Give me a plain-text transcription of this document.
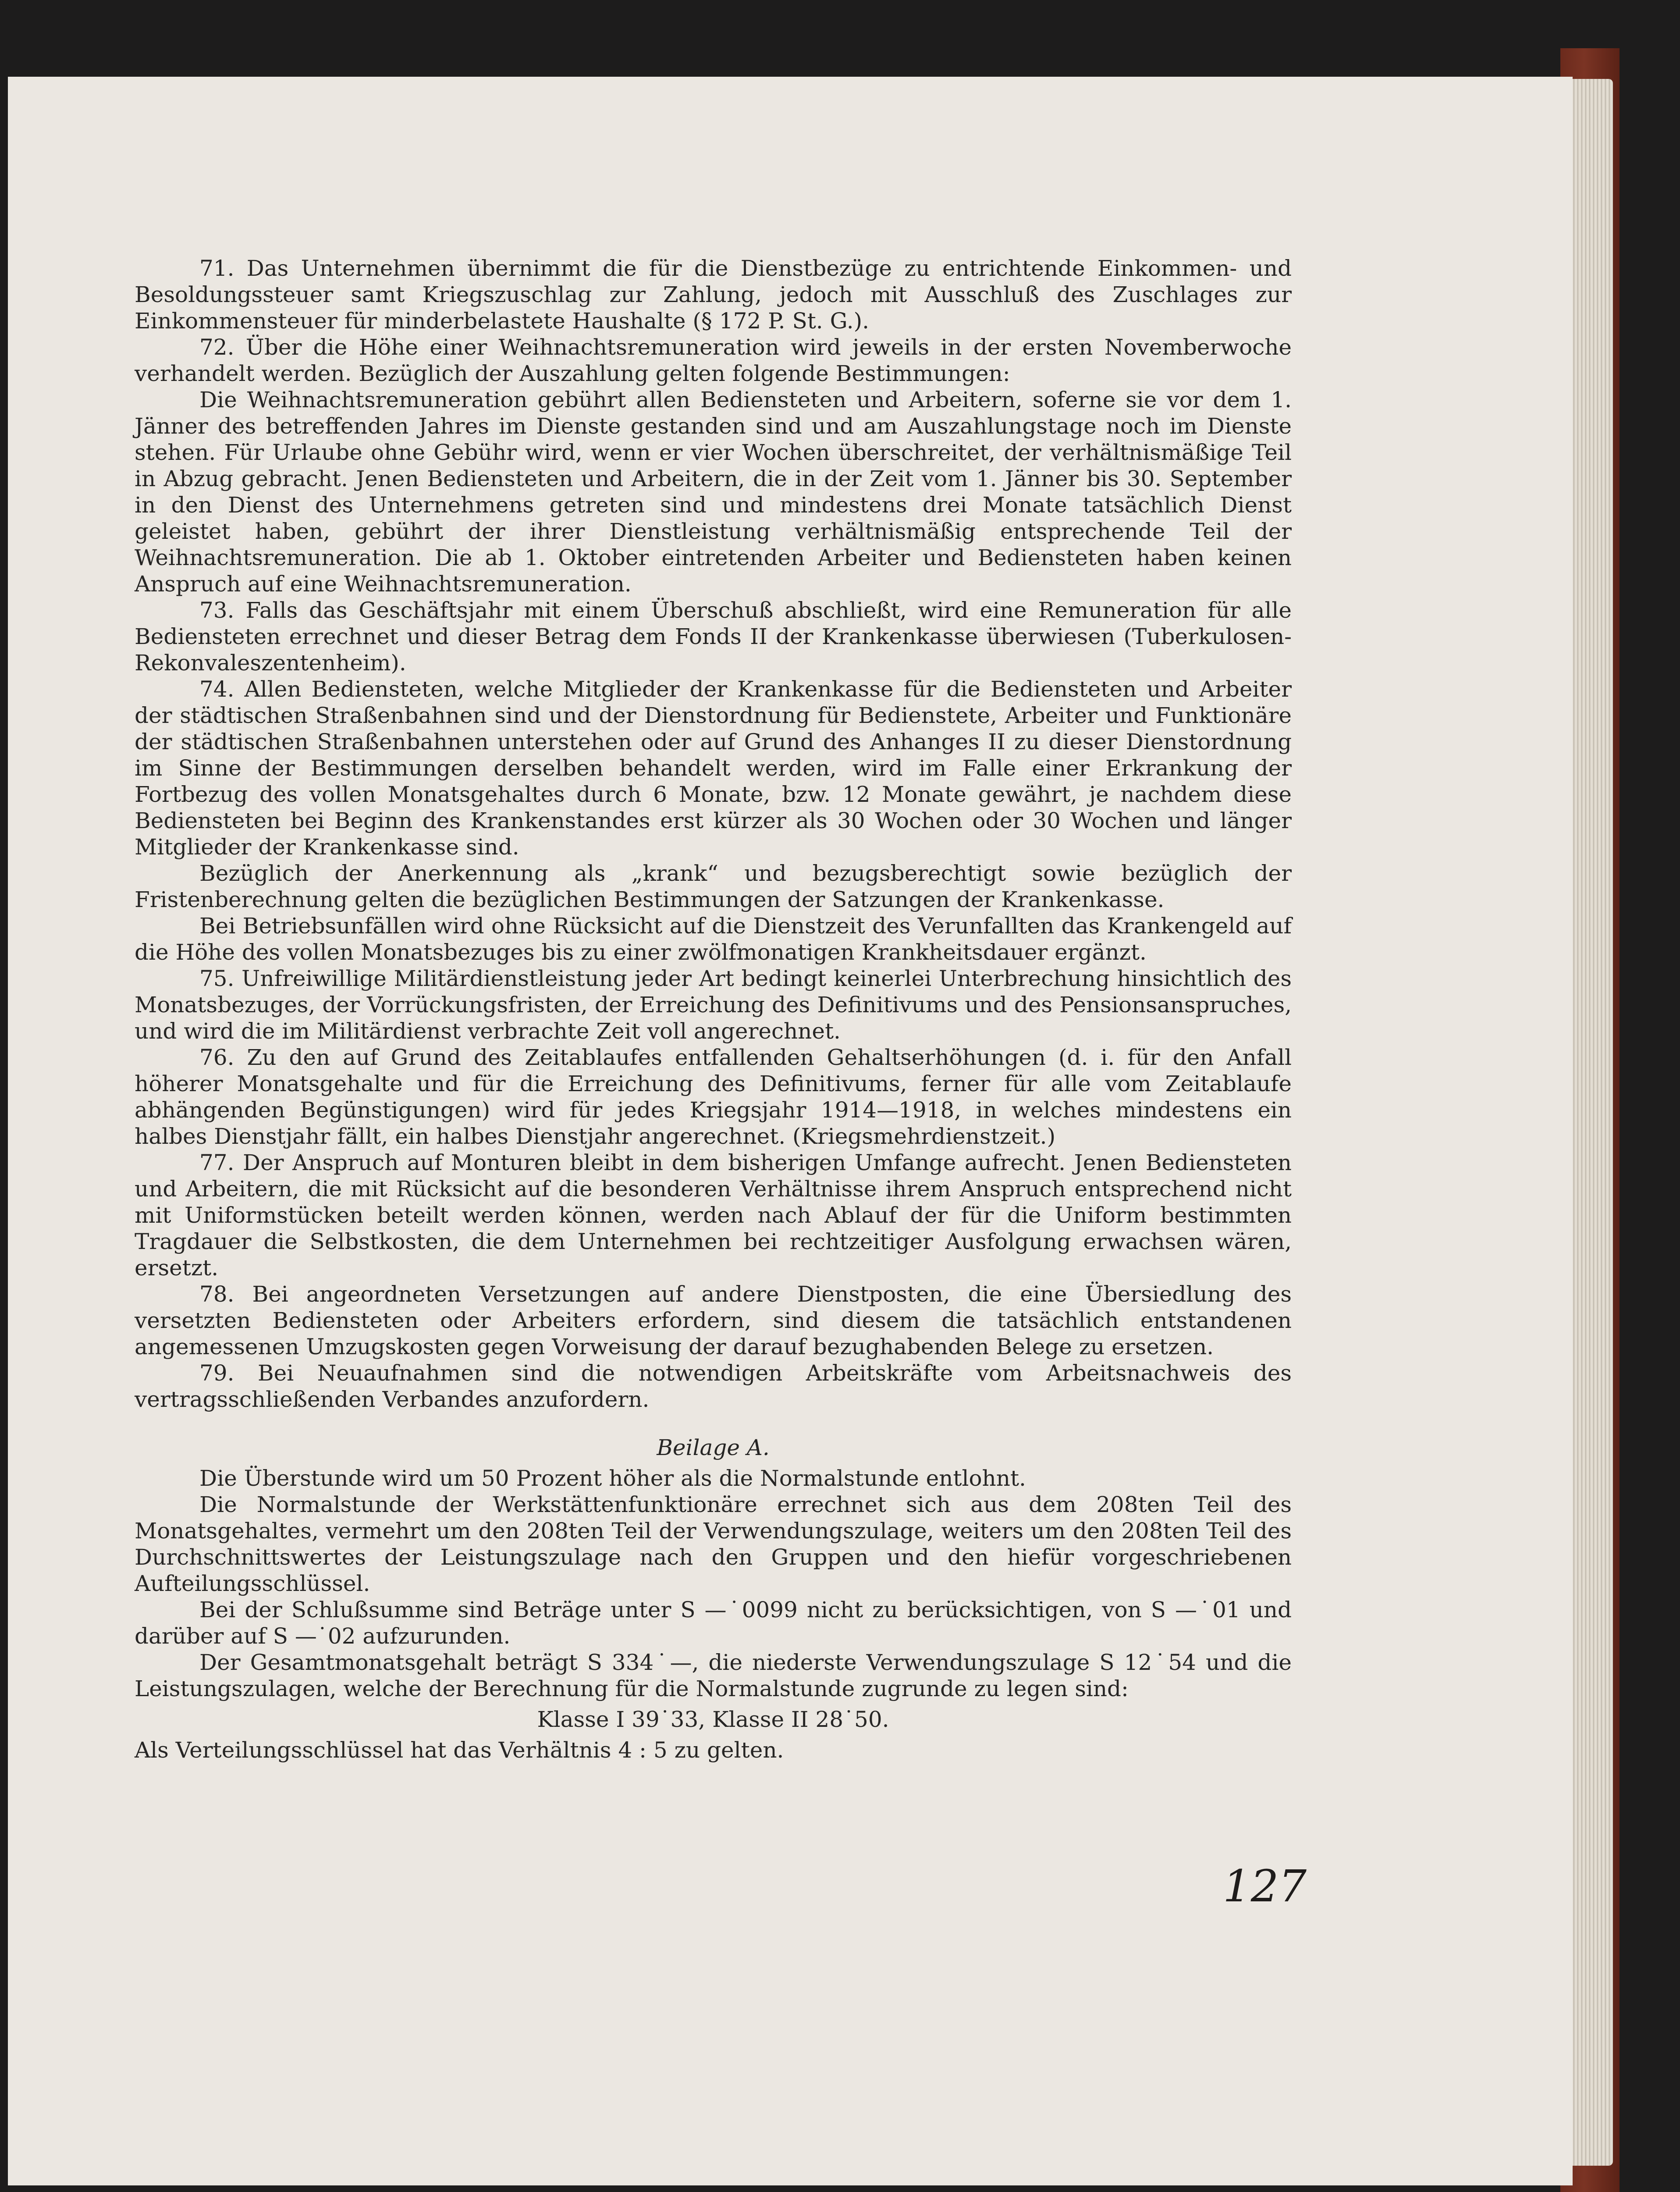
71. Das Unternehmen übernimmt die für die Dienstbezüge zu entrichtende Einkommen- und Besoldungssteuer samt Kriegszuschlag zur Zahlung, jedoch mit Ausschluß des Zuschlages zur Einkommensteuer für minderbelastete Haushalte (§ 172 P. St. G.).

72. Über die Höhe einer Weihnachtsremuneration wird jeweils in der ersten Novemberwoche verhandelt werden. Bezüglich der Auszahlung gelten folgende Bestimmungen:

Die Weihnachtsremuneration gebührt allen Bediensteten und Arbeitern, soferne sie vor dem 1. Jänner des betreffenden Jahres im Dienste gestanden sind und am Auszahlungstage noch im Dienste stehen. Für Urlaube ohne Gebühr wird, wenn er vier Wochen überschreitet, der verhältnismäßige Teil in Abzug gebracht. Jenen Bediensteten und Arbeitern, die in der Zeit vom 1. Jänner bis 30. September in den Dienst des Unternehmens getreten sind und mindestens drei Monate tatsächlich Dienst geleistet haben, gebührt der ihrer Dienstleistung verhältnismäßig entsprechende Teil der Weihnachtsremuneration. Die ab 1. Oktober eintretenden Arbeiter und Bediensteten haben keinen Anspruch auf eine Weihnachtsremuneration.

73. Falls das Geschäftsjahr mit einem Überschuß abschließt, wird eine Remuneration für alle Bediensteten errechnet und dieser Betrag dem Fonds II der Krankenkasse überwiesen (Tuberkulosen-Rekonvaleszentenheim).

74. Allen Bediensteten, welche Mitglieder der Krankenkasse für die Bediensteten und Arbeiter der städtischen Straßenbahnen sind und der Dienstordnung für Bedienstete, Arbeiter und Funktionäre der städtischen Straßenbahnen unterstehen oder auf Grund des Anhanges II zu dieser Dienstordnung im Sinne der Bestimmungen derselben behandelt werden, wird im Falle einer Erkrankung der Fortbezug des vollen Monatsgehaltes durch 6 Monate, bzw. 12 Monate gewährt, je nachdem diese Bediensteten bei Beginn des Krankenstandes erst kürzer als 30 Wochen oder 30 Wochen und länger Mitglieder der Krankenkasse sind.

Bezüglich der Anerkennung als „krank“ und bezugsberechtigt sowie bezüglich der Fristenberechnung gelten die bezüglichen Bestimmungen der Satzungen der Krankenkasse.

Bei Betriebsunfällen wird ohne Rücksicht auf die Dienstzeit des Verunfallten das Krankengeld auf die Höhe des vollen Monatsbezuges bis zu einer zwölfmonatigen Krankheitsdauer ergänzt.

75. Unfreiwillige Militärdienstleistung jeder Art bedingt keinerlei Unterbrechung hinsichtlich des Monatsbezuges, der Vorrückungsfristen, der Erreichung des Definitivums und des Pensionsanspruches, und wird die im Militärdienst verbrachte Zeit voll angerechnet.

76. Zu den auf Grund des Zeitablaufes entfallenden Gehaltserhöhungen (d. i. für den Anfall höherer Monatsgehalte und für die Erreichung des Definitivums, ferner für alle vom Zeitablaufe abhängenden Begünstigungen) wird für jedes Kriegsjahr 1914—1918, in welches mindestens ein halbes Dienstjahr fällt, ein halbes Dienstjahr angerechnet. (Kriegsmehrdienstzeit.)

77. Der Anspruch auf Monturen bleibt in dem bisherigen Umfange aufrecht. Jenen Bediensteten und Arbeitern, die mit Rücksicht auf die besonderen Verhältnisse ihrem Anspruch entsprechend nicht mit Uniformstücken beteilt werden können, werden nach Ablauf der für die Uniform bestimmten Tragdauer die Selbstkosten, die dem Unternehmen bei rechtzeitiger Ausfolgung erwachsen wären, ersetzt.

78. Bei angeordneten Versetzungen auf andere Dienstposten, die eine Übersiedlung des versetzten Bediensteten oder Arbeiters erfordern, sind diesem die tatsächlich entstandenen angemessenen Umzugskosten gegen Vorweisung der darauf bezughabenden Belege zu ersetzen.

79. Bei Neuaufnahmen sind die notwendigen Arbeitskräfte vom Arbeitsnachweis des vertragsschließenden Verbandes anzufordern.

Beilage A.

Die Überstunde wird um 50 Prozent höher als die Normalstunde entlohnt.

Die Normalstunde der Werkstättenfunktionäre errechnet sich aus dem 208ten Teil des Monatsgehaltes, vermehrt um den 208ten Teil der Verwendungszulage, weiters um den 208ten Teil des Durchschnittswertes der Leistungszulage nach den Gruppen und den hiefür vorgeschriebenen Aufteilungsschlüssel.

Bei der Schlußsumme sind Beträge unter S —˙0099 nicht zu berücksichtigen, von S —˙01 und darüber auf S —˙02 aufzurunden.

Der Gesamtmonatsgehalt beträgt S 334˙—, die niederste Verwendungszulage S 12˙54 und die Leistungszulagen, welche der Berechnung für die Normalstunde zugrunde zu legen sind:

Klasse I 39˙33, Klasse II 28˙50.

Als Verteilungsschlüssel hat das Verhältnis 4 : 5 zu gelten.

127
